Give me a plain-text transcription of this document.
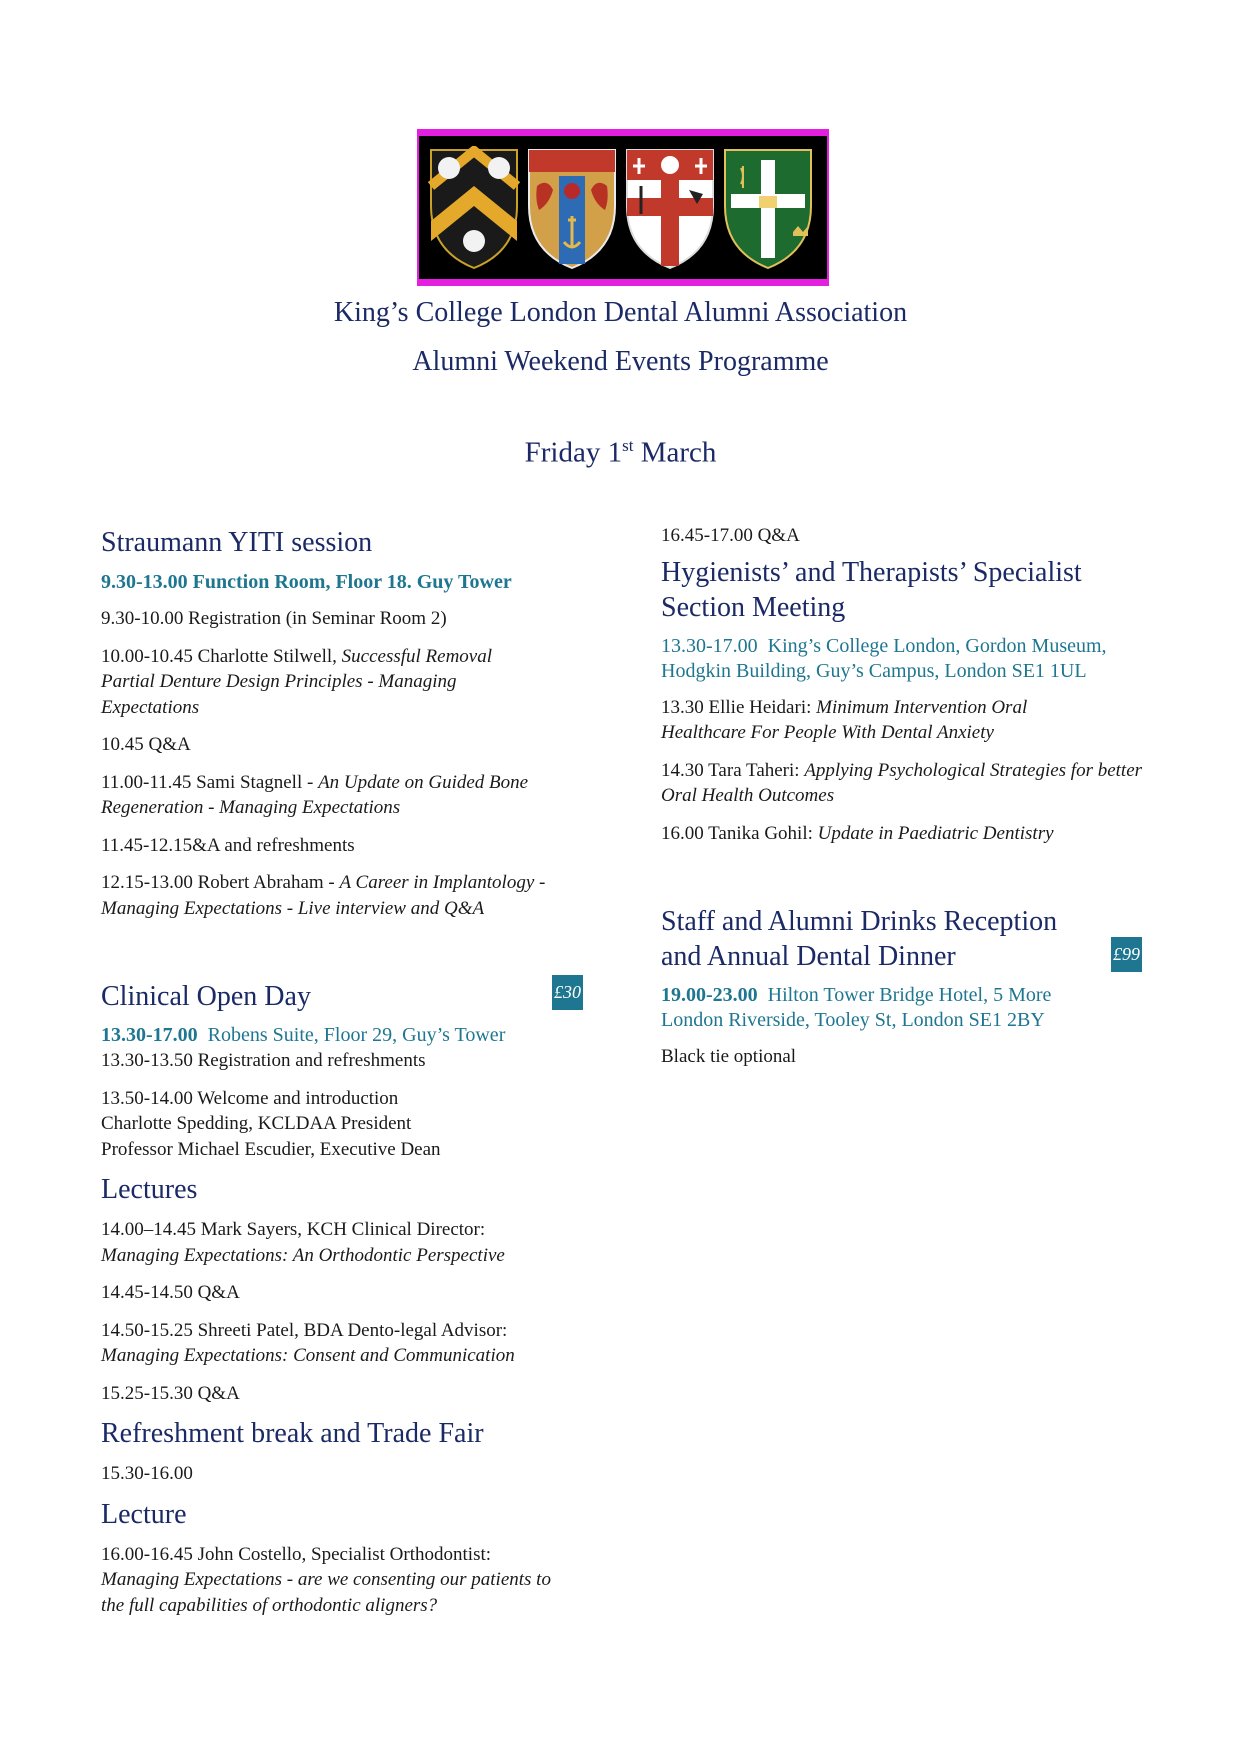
King’s College London Dental Alumni Association
Alumni Weekend Events Programme
Friday 1st March

Straumann YITI session

9.30-13.00 Function Room, Floor 18. Guy Tower

9.30-10.00 Registration (in Seminar Room 2)

10.00-10.45 Charlotte Stilwell, Successful Removal Partial Denture Design Principles - Managing Expectations

10.45 Q&A

11.00-11.45 Sami Stagnell - An Update on Guided Bone Regeneration - Managing Expectations

11.45-12.15&A and refreshments

12.15-13.00 Robert Abraham - A Career in Implantology - Managing Expectations - Live interview and Q&A

Clinical Open Day	£30

13.30-17.00 Robens Suite, Floor 29, Guy’s Tower

13.30-13.50 Registration and refreshments

13.50-14.00 Welcome and introduction

Charlotte Spedding, KCLDAA President

Professor Michael Escudier, Executive Dean

Lectures

14.00–14.45 Mark Sayers, KCH Clinical Director:
Managing Expectations: An Orthodontic Perspective

14.45-14.50 Q&A

14.50-15.25 Shreeti Patel, BDA Dento-legal Advisor:
Managing Expectations: Consent and Communication

15.25-15.30 Q&A

Refreshment break and Trade Fair

15.30-16.00

Lecture

16.00-16.45 John Costello, Specialist Orthodontist:
Managing Expectations - are we consenting our patients to the full capabilities of orthodontic aligners?

16.45-17.00 Q&A

Hygienists’ and Therapists’ Specialist

Section Meeting

13.30-17.00 King’s College London, Gordon Museum, Hodgkin Building, Guy’s Campus, London SE1 1UL

13.30 Ellie Heidari: Minimum Intervention Oral Healthcare For People With Dental Anxiety

14.30 Tara Taheri: Applying Psychological Strategies for better Oral Health Outcomes

16.00 Tanika Gohil: Update in Paediatric Dentistry

Staff and Alumni Drinks Reception

and Annual Dental Dinner	£99

19.00-23.00 Hilton Tower Bridge Hotel, 5 More London Riverside, Tooley St, London SE1 2BY

Black tie optional
